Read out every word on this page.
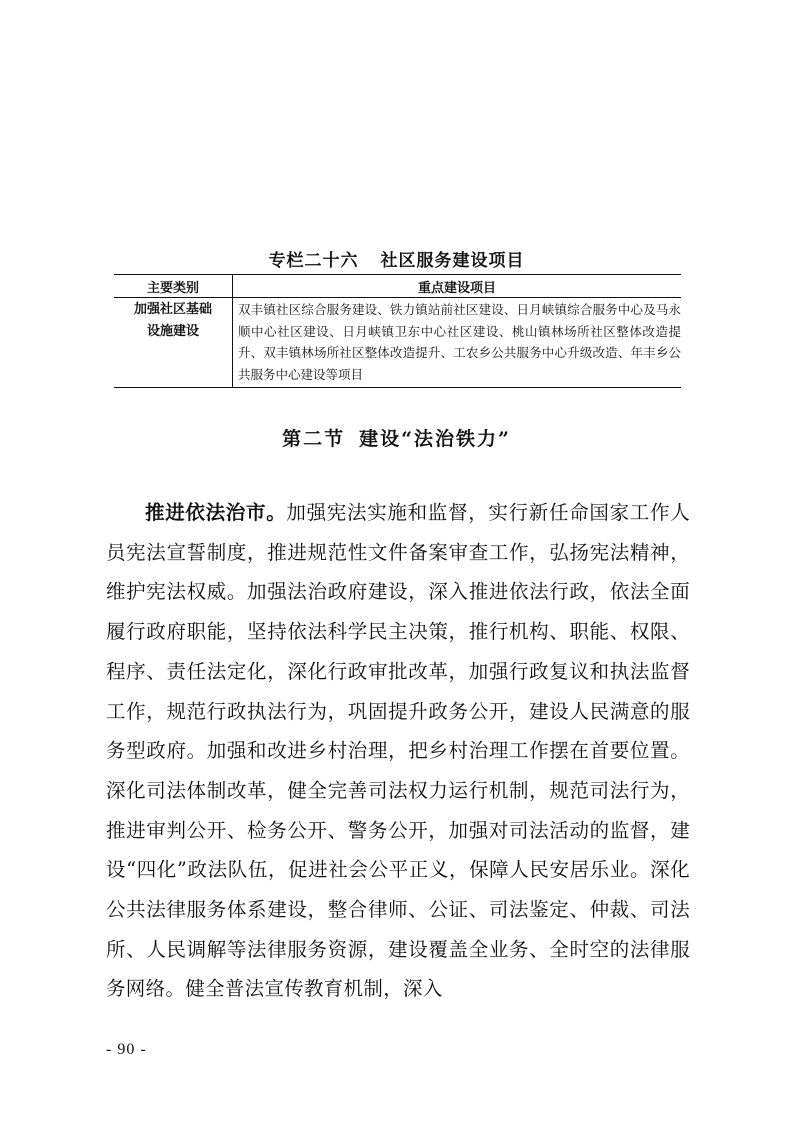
专栏二十六 社区服务建设项目
主要类别	重点建设项目

加强社区基础
设施建设	双丰镇社区综合服务建设、铁力镇站前社区建设、日月峡镇综合服务中心及马永顺中心社区建设、日月峡镇卫东中心社区建设、桃山镇林场所社区整体改造提升、双丰镇林场所社区整体改造提升、工农乡公共服务中心升级改造、年丰乡公共服务中心建设等项目
第二节 建设“法治铁力”
推进依法治市。加强宪法实施和监督，实行新任命国家工作人员宪法宣誓制度，推进规范性文件备案审查工作，弘扬宪法精神，维护宪法权威。加强法治政府建设，深入推进依法行政，依法全面履行政府职能，坚持依法科学民主决策，推行机构、职能、权限、程序、责任法定化，深化行政审批改革，加强行政复议和执法监督工作，规范行政执法行为，巩固提升政务公开，建设人民满意的服务型政府。加强和改进乡村治理，把乡村治理工作摆在首要位置。深化司法体制改革，健全完善司法权力运行机制，规范司法行为，推进审判公开、检务公开、警务公开，加强对司法活动的监督，建设“四化”政法队伍，促进社会公平正义，保障人民安居乐业。深化公共法律服务体系建设，整合律师、公证、司法鉴定、仲裁、司法所、人民调解等法律服务资源，建设覆盖全业务、全时空的法律服务网络。健全普法宣传教育机制，深入
- 90 -
